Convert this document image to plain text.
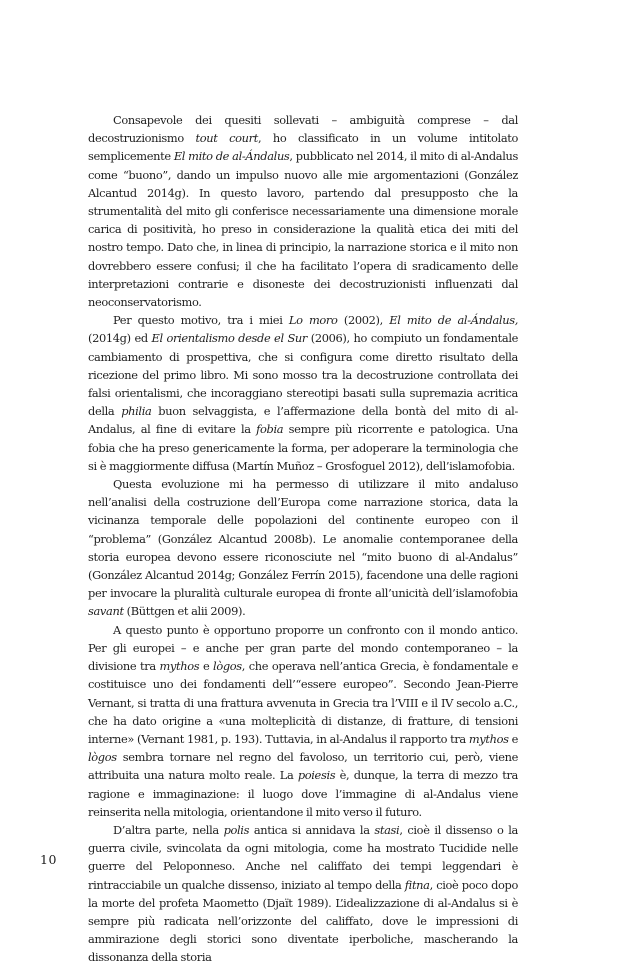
Consapevole dei quesiti sollevati – ambiguità comprese – dal decostruzionismo tout court, ho classificato in un volume intitolato semplicemente El mito de al-Ándalus, pubblicato nel 2014, il mito di al-Andalus come “buono”, dando un impulso nuovo alle mie argomentazioni (González Alcantud 2014g). In questo lavoro, partendo dal presupposto che la strumentalità del mito gli conferisce necessariamente una dimensione morale carica di positività, ho preso in considerazione la qualità etica dei miti del nostro tempo. Dato che, in linea di principio, la narrazione storica e il mito non dovrebbero essere confusi; il che ha facilitato l’opera di sradicamento delle interpretazioni contrarie e disoneste dei decostruzionisti influenzati dal neoconservatorismo.

Per questo motivo, tra i miei Lo moro (2002), El mito de al-Ándalus, (2014g) ed El orientalismo desde el Sur (2006), ho compiuto un fondamentale cambiamento di prospettiva, che si configura come diretto risultato della ricezione del primo libro. Mi sono mosso tra la decostruzione controllata dei falsi orientalismi, che incoraggiano stereotipi basati sulla supremazia acritica della philia buon selvaggista, e l’affermazione della bontà del mito di al-Andalus, al fine di evitare la fobia sempre più ricorrente e patologica. Una fobia che ha preso genericamente la forma, per adoperare la terminologia che si è maggiormente diffusa (Martín Muñoz – Grosfoguel 2012), dell’islamofobia.

Questa evoluzione mi ha permesso di utilizzare il mito andaluso nell’analisi della costruzione dell’Europa come narrazione storica, data la vicinanza temporale delle popolazioni del continente europeo con il “problema” (González Alcantud 2008b). Le anomalie contemporanee della storia europea devono essere riconosciute nel “mito buono di al-Andalus” (González Alcantud 2014g; González Ferrín 2015), facendone una delle ragioni per invocare la pluralità culturale europea di fronte all’unicità dell’islamofobia savant (Büttgen et alii 2009).

A questo punto è opportuno proporre un confronto con il mondo antico. Per gli europei – e anche per gran parte del mondo contemporaneo – la divisione tra mythos e lògos, che operava nell’antica Grecia, è fondamentale e costituisce uno dei fondamenti dell’“essere europeo”. Secondo Jean-Pierre Vernant, si tratta di una frattura avvenuta in Grecia tra l’VIII e il IV secolo a.C., che ha dato origine a «una molteplicità di distanze, di fratture, di tensioni interne» (Vernant 1981, p. 193). Tuttavia, in al-Andalus il rapporto tra mythos e lògos sembra tornare nel regno del favoloso, un territorio cui, però, viene attribuita una natura molto reale. La poiesis è, dunque, la terra di mezzo tra ragione e immaginazione: il luogo dove l’immagine di al-Andalus viene reinserita nella mitologia, orientandone il mito verso il futuro.

D’altra parte, nella polis antica si annidava la stasi, cioè il dissenso o la guerra civile, svincolata da ogni mitologia, come ha mostrato Tucidide nelle guerre del Peloponneso. Anche nel califfato dei tempi leggendari è rintracciabile un qualche dissenso, iniziato al tempo della fitna, cioè poco dopo la morte del profeta Maometto (Djaït 1989). L’idealizzazione di al-Andalus si è sempre più radicata nell’orizzonte del califfato, dove le impressioni di ammirazione degli storici sono diventate iperboliche, mascherando la dissonanza della storia

10
